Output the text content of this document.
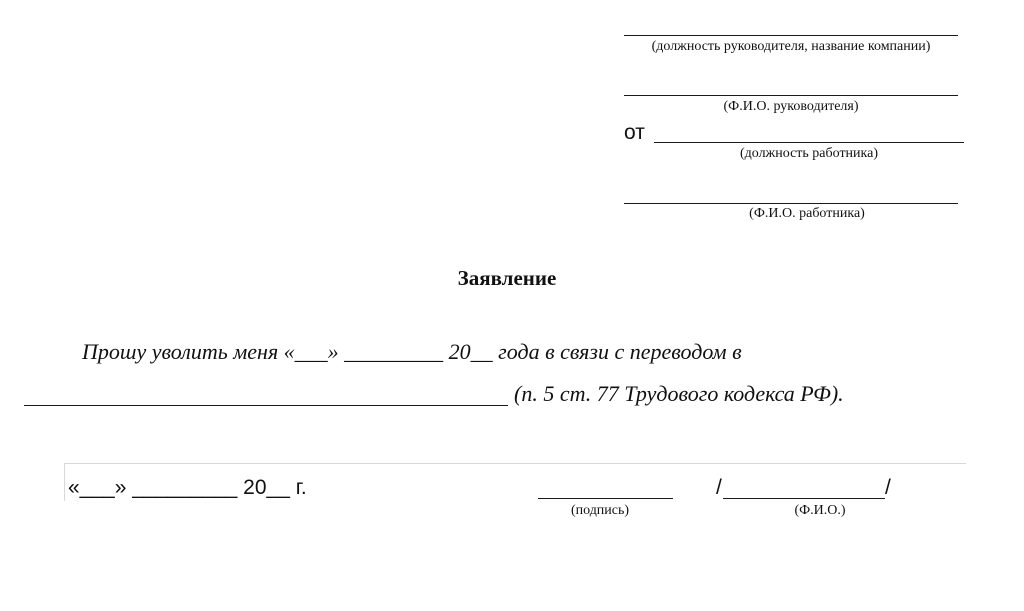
(должность руководителя, название компании)
(Ф.И.О. руководителя)
от
(должность работника)
(Ф.И.О. работника)
Заявление
Прошу уволить меня «___» _________ 20__ года в связи с переводом в
(п. 5 ст. 77 Трудового кодекса РФ).
«___» _________ 20__ г.
(подпись)
/	/
(Ф.И.О.)
